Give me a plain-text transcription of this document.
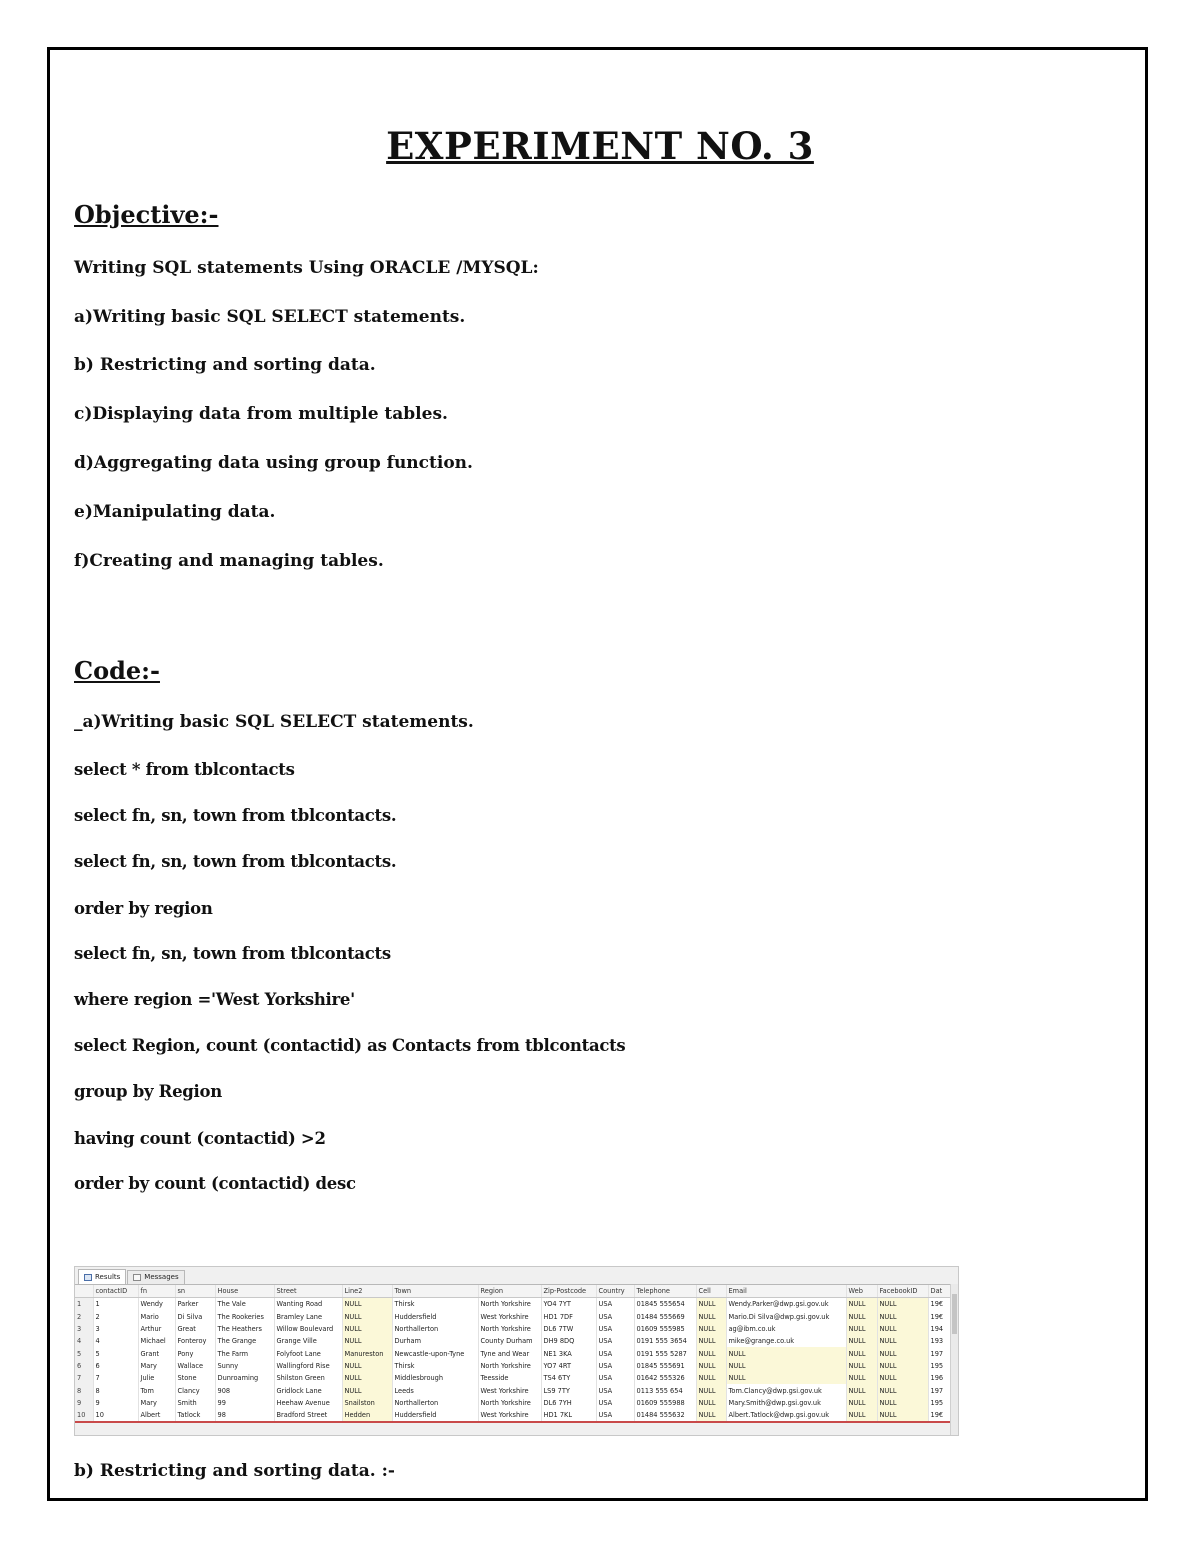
EXPERIMENT NO. 3
Objective:-
Writing SQL statements Using ORACLE /MYSQL:
a)Writing basic SQL SELECT statements.
b) Restricting and sorting data.
c)Displaying data from multiple tables.
d)Aggregating data using group function.
e)Manipulating data.
f)Creating and managing tables.
Code:-
_a)Writing basic SQL SELECT statements.
select * from tblcontacts
select fn, sn, town from tblcontacts.
select fn, sn, town from tblcontacts.
order by region
select fn, sn, town from tblcontacts
where region ='West Yorkshire'
select Region, count (contactid) as Contacts from tblcontacts
group by Region
having count (contactid) >2
order by count (contactid) desc
Results	Messages
	contactID	fn	sn	House	Street	Line2	Town	Region	Zip-Postcode	Country	Telephone	Cell	Email	Web	FacebookID	Dat
1	1	Wendy	Parker	The Vale	Wanting Road	NULL	Thirsk	North Yorkshire	YO4 7YT	USA	01845 555654	NULL	Wendy.Parker@dwp.gsi.gov.uk	NULL	NULL	19€
2	2	Mario	Di Silva	The Rookeries	Bramley Lane	NULL	Huddersfield	West Yorkshire	HD1 7DF	USA	01484 555669	NULL	Mario.Di Silva@dwp.gsi.gov.uk	NULL	NULL	19€
3	3	Arthur	Great	The Heathers	Willow Boulevard	NULL	Northallerton	North Yorkshire	DL6 7TW	USA	01609 555985	NULL	ag@ibm.co.uk	NULL	NULL	194
4	4	Michael	Fonteroy	The Grange	Grange Ville	NULL	Durham	County Durham	DH9 8DQ	USA	0191 555 3654	NULL	mike@grange.co.uk	NULL	NULL	193
5	5	Grant	Pony	The Farm	Folyfoot Lane	Manureston	Newcastle-upon-Tyne	Tyne and Wear	NE1 3KA	USA	0191 555 5287	NULL	NULL	NULL	NULL	197
6	6	Mary	Wallace	Sunny	Wallingford Rise	NULL	Thirsk	North Yorkshire	YO7 4RT	USA	01845 555691	NULL	NULL	NULL	NULL	195
7	7	Julie	Stone	Dunroaming	Shilston Green	NULL	Middlesbrough	Teesside	TS4 6TY	USA	01642 555326	NULL	NULL	NULL	NULL	196
8	8	Tom	Clancy	908	Gridlock Lane	NULL	Leeds	West Yorkshire	LS9 7TY	USA	0113 555 654	NULL	Tom.Clancy@dwp.gsi.gov.uk	NULL	NULL	197
9	9	Mary	Smith	99	Heehaw Avenue	Snailston	Northallerton	North Yorkshire	DL6 7YH	USA	01609 555988	NULL	Mary.Smith@dwp.gsi.gov.uk	NULL	NULL	195
10	10	Albert	Tatlock	98	Bradford Street	Hedden	Huddersfield	West Yorkshire	HD1 7KL	USA	01484 555632	NULL	Albert.Tatlock@dwp.gsi.gov.uk	NULL	NULL	19€
b) Restricting and sorting data. :-
